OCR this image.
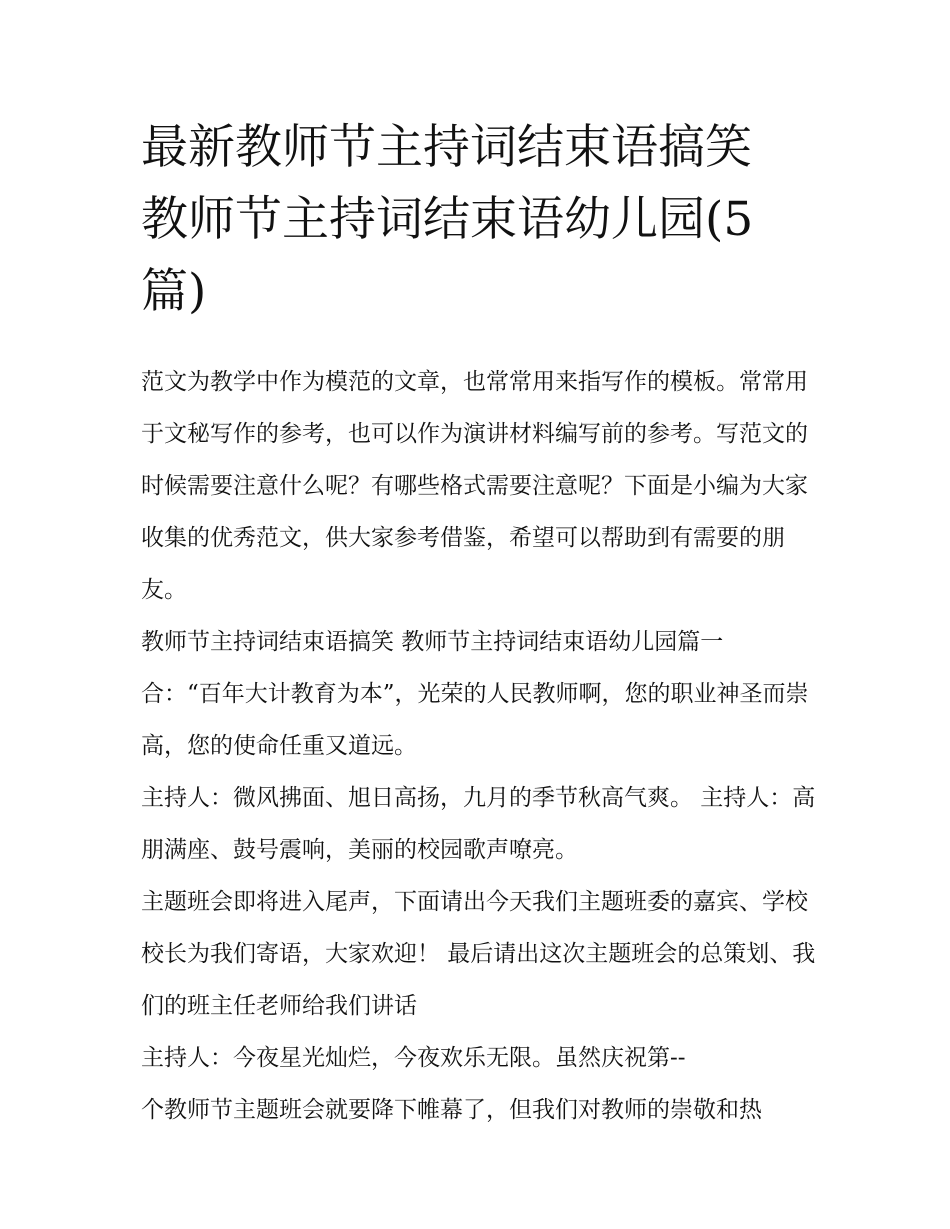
最新教师节主持词结束语搞笑
教师节主持词结束语幼儿园(5
篇)

范文为教学中作为模范的文章，也常常用来指写作的模板。常常用于文秘写作的参考，也可以作为演讲材料编写前的参考。写范文的时候需要注意什么呢？有哪些格式需要注意呢？下面是小编为大家收集的优秀范文，供大家参考借鉴，希望可以帮助到有需要的朋友。

教师节主持词结束语搞笑 教师节主持词结束语幼儿园篇一

合：“百年大计教育为本”，光荣的人民教师啊，您的职业神圣而崇高，您的使命任重又道远。

主持人：微风拂面、旭日高扬，九月的季节秋高气爽。 主持人：高朋满座、鼓号震响，美丽的校园歌声嘹亮。

主题班会即将进入尾声，下面请出今天我们主题班委的嘉宾、学校校长为我们寄语，大家欢迎！ 最后请出这次主题班会的总策划、我们的班主任老师给我们讲话

主持人：今夜星光灿烂，今夜欢乐无限。虽然庆祝第--

个教师节主题班会就要降下帷幕了，但我们对教师的崇敬和热
